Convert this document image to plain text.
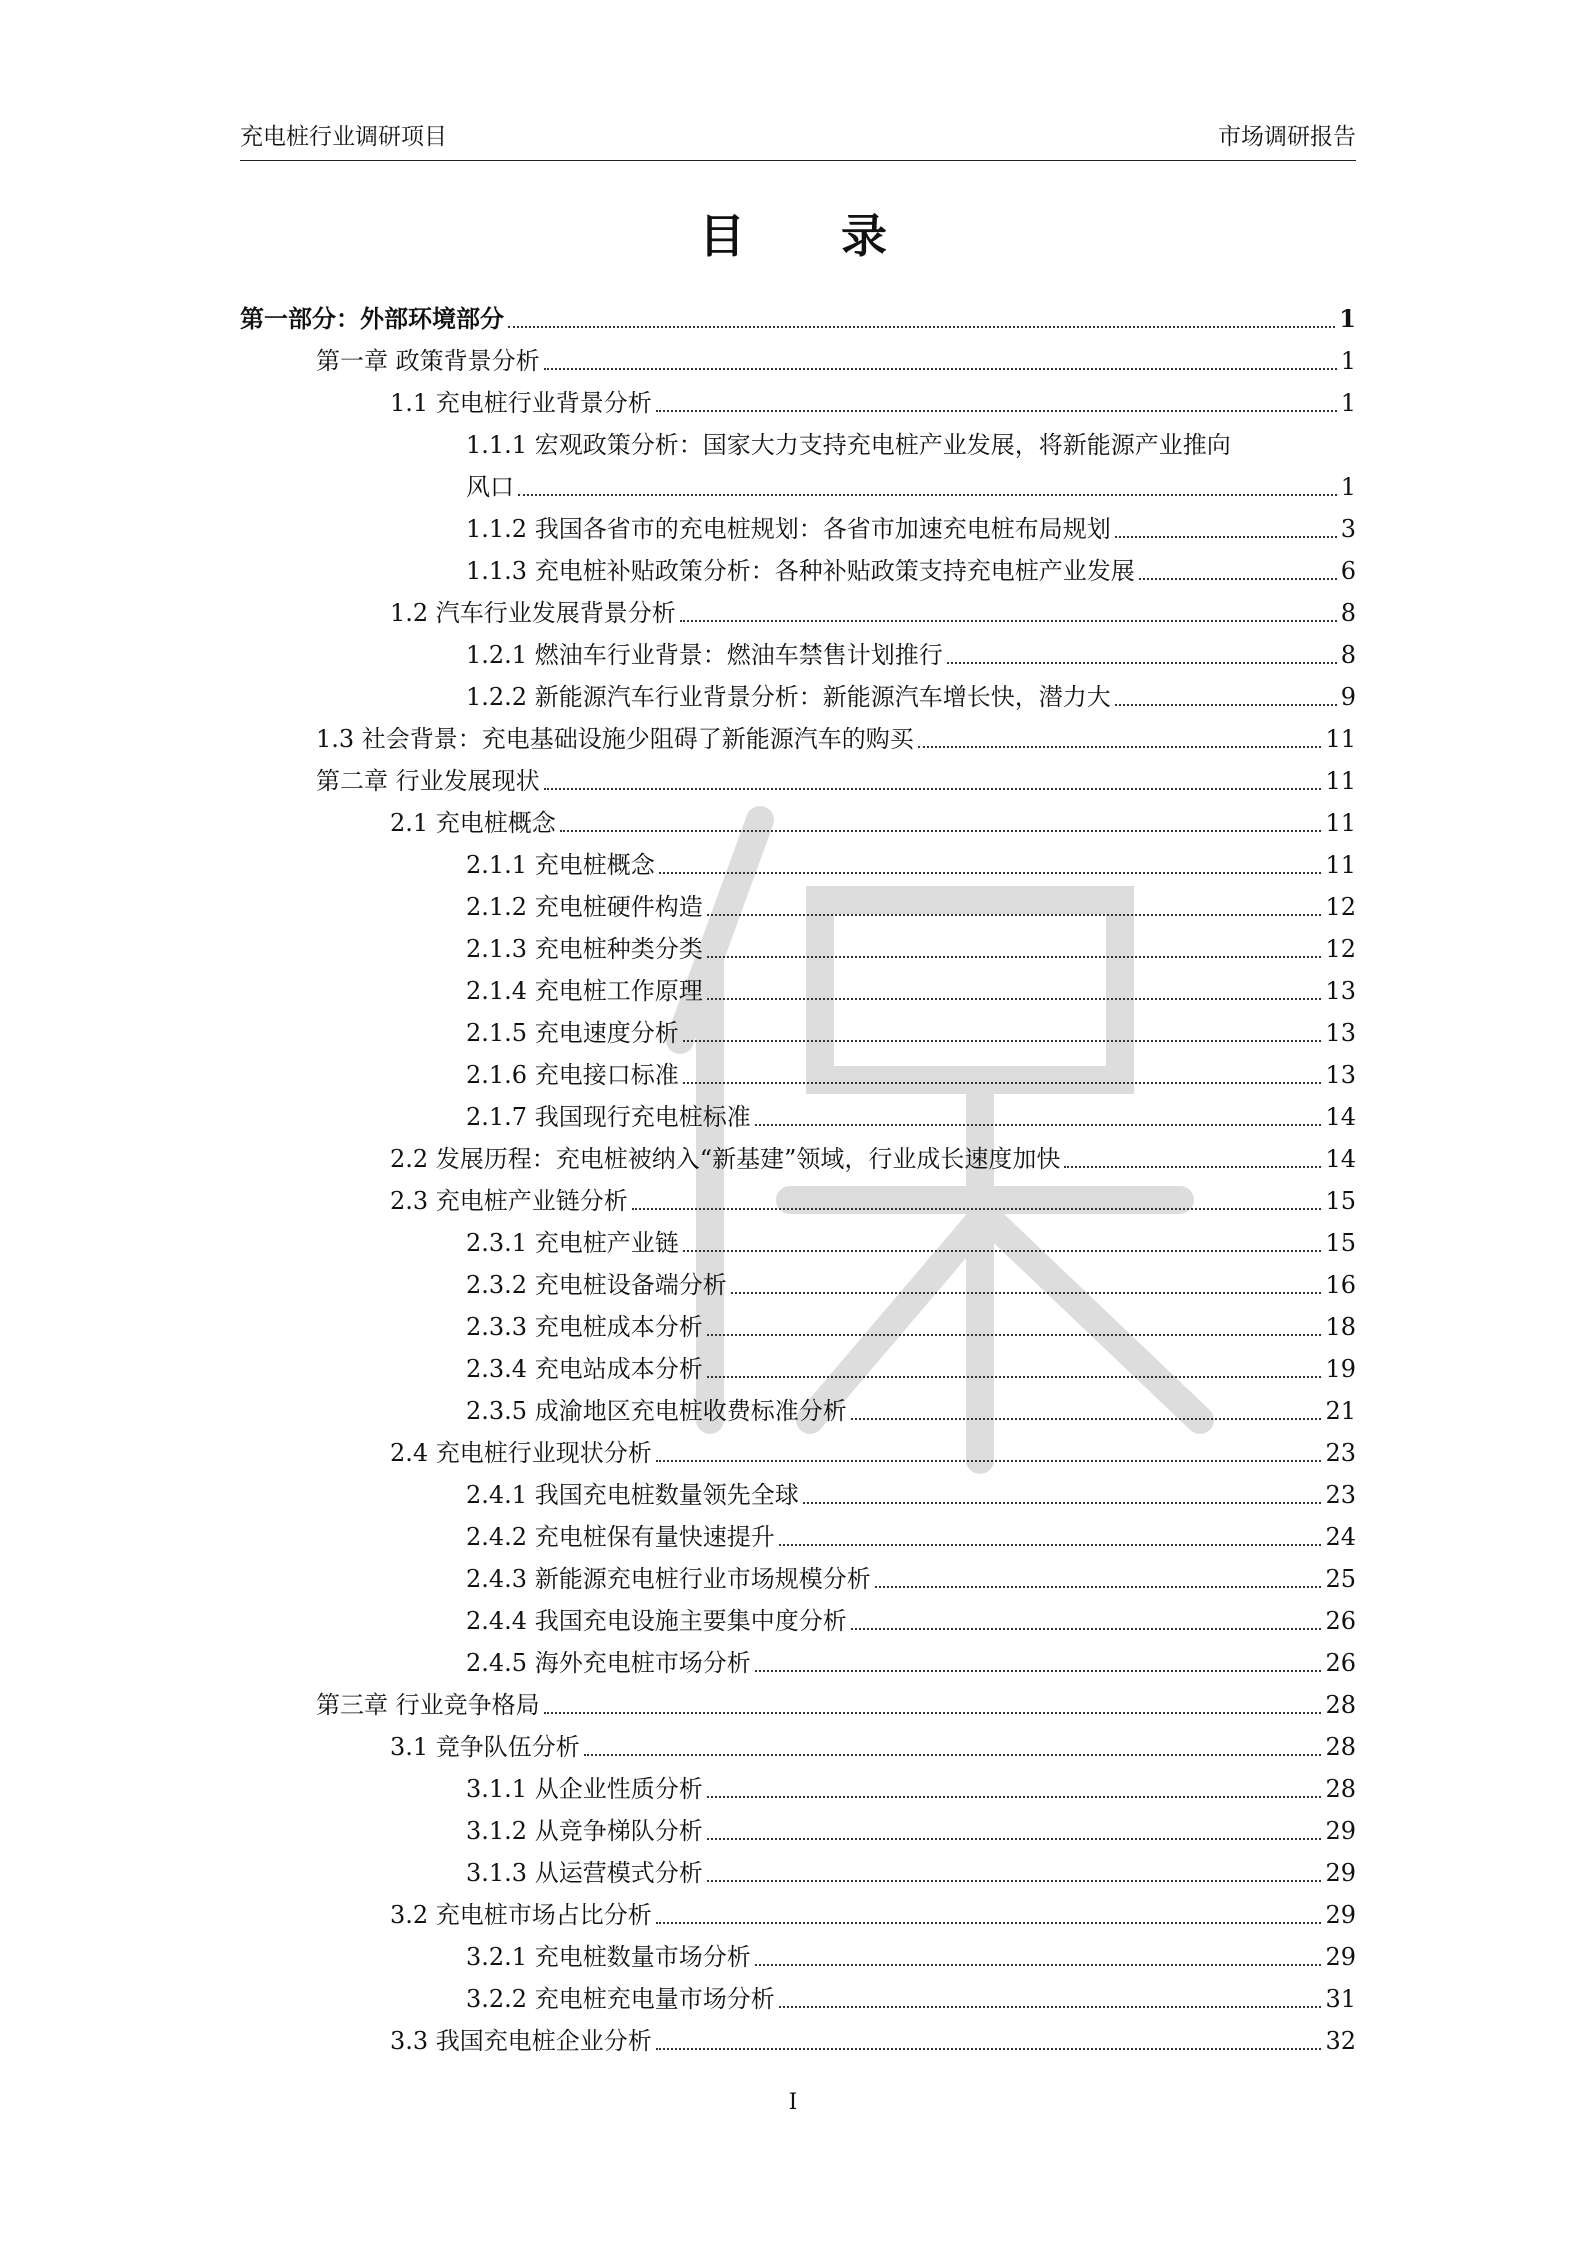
充电桩行业调研项目	市场调研报告
目 录
第一部分：外部环境部分	1
第一章 政策背景分析	1
1.1 充电桩行业背景分析	1
1.1.1 宏观政策分析：国家大力支持充电桩产业发展，将新能源产业推向
风口	1
1.1.2 我国各省市的充电桩规划：各省市加速充电桩布局规划	3
1.1.3 充电桩补贴政策分析：各种补贴政策支持充电桩产业发展	6
1.2 汽车行业发展背景分析	8
1.2.1 燃油车行业背景：燃油车禁售计划推行	8
1.2.2 新能源汽车行业背景分析：新能源汽车增长快，潜力大	9
1.3 社会背景：充电基础设施少阻碍了新能源汽车的购买	11
第二章 行业发展现状	11
2.1 充电桩概念	11
2.1.1 充电桩概念	11
2.1.2 充电桩硬件构造	12
2.1.3 充电桩种类分类	12
2.1.4 充电桩工作原理	13
2.1.5 充电速度分析	13
2.1.6 充电接口标准	13
2.1.7 我国现行充电桩标准	14
2.2 发展历程：充电桩被纳入“新基建”领域，行业成长速度加快	14
2.3 充电桩产业链分析	15
2.3.1 充电桩产业链	15
2.3.2 充电桩设备端分析	16
2.3.3 充电桩成本分析	18
2.3.4 充电站成本分析	19
2.3.5 成渝地区充电桩收费标准分析	21
2.4 充电桩行业现状分析	23
2.4.1 我国充电桩数量领先全球	23
2.4.2 充电桩保有量快速提升	24
2.4.3 新能源充电桩行业市场规模分析	25
2.4.4 我国充电设施主要集中度分析	26
2.4.5 海外充电桩市场分析	26
第三章 行业竞争格局	28
3.1 竞争队伍分析	28
3.1.1 从企业性质分析	28
3.1.2 从竞争梯队分析	29
3.1.3 从运营模式分析	29
3.2 充电桩市场占比分析	29
3.2.1 充电桩数量市场分析	29
3.2.2 充电桩充电量市场分析	31
3.3 我国充电桩企业分析	32
I
